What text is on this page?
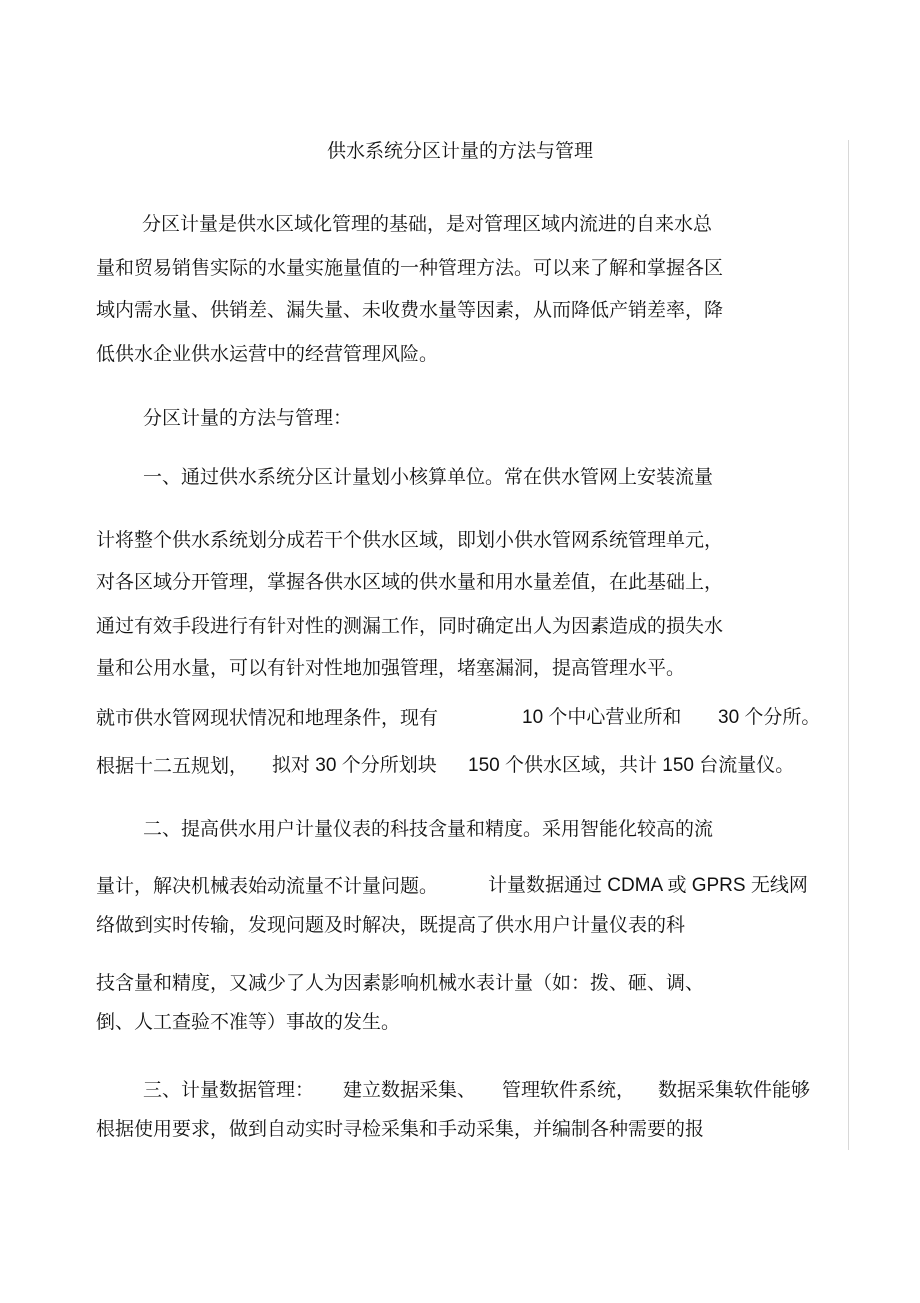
供水系统分区计量的方法与管理
分区计量是供水区域化管理的基础，是对管理区域内流进的自来水总
量和贸易销售实际的水量实施量值的一种管理方法。可以来了解和掌握各区
域内需水量、供销差、漏失量、未收费水量等因素，从而降低产销差率，降
低供水企业供水运营中的经营管理风险。
分区计量的方法与管理：
一、通过供水系统分区计量划小核算单位。常在供水管网上安装流量
计将整个供水系统划分成若干个供水区域，即划小供水管网系统管理单元，
对各区域分开管理，掌握各供水区域的供水量和用水量差值，在此基础上，
通过有效手段进行有针对性的测漏工作，同时确定出人为因素造成的损失水
量和公用水量，可以有针对性地加强管理，堵塞漏洞，提高管理水平。
就市供水管网现状情况和地理条件，现有	10 个中心营业所和 30 个分所。
根据十二五规划， 拟对 30 个分所划块 150 个供水区域，共计 150 台流量仪。
二、提高供水用户计量仪表的科技含量和精度。采用智能化较高的流
量计，解决机械表始动流量不计量问题。	计量数据通过 CDMA 或 GPRS 无线网
络做到实时传输，发现问题及时解决，既提高了供水用户计量仪表的科
技含量和精度，又减少了人为因素影响机械水表计量（如：拨、砸、调、
倒、人工查验不准等）事故的发生。
三、计量数据管理： 建立数据采集、 管理软件系统， 数据采集软件能够
根据使用要求，做到自动实时寻检采集和手动采集，并编制各种需要的报
